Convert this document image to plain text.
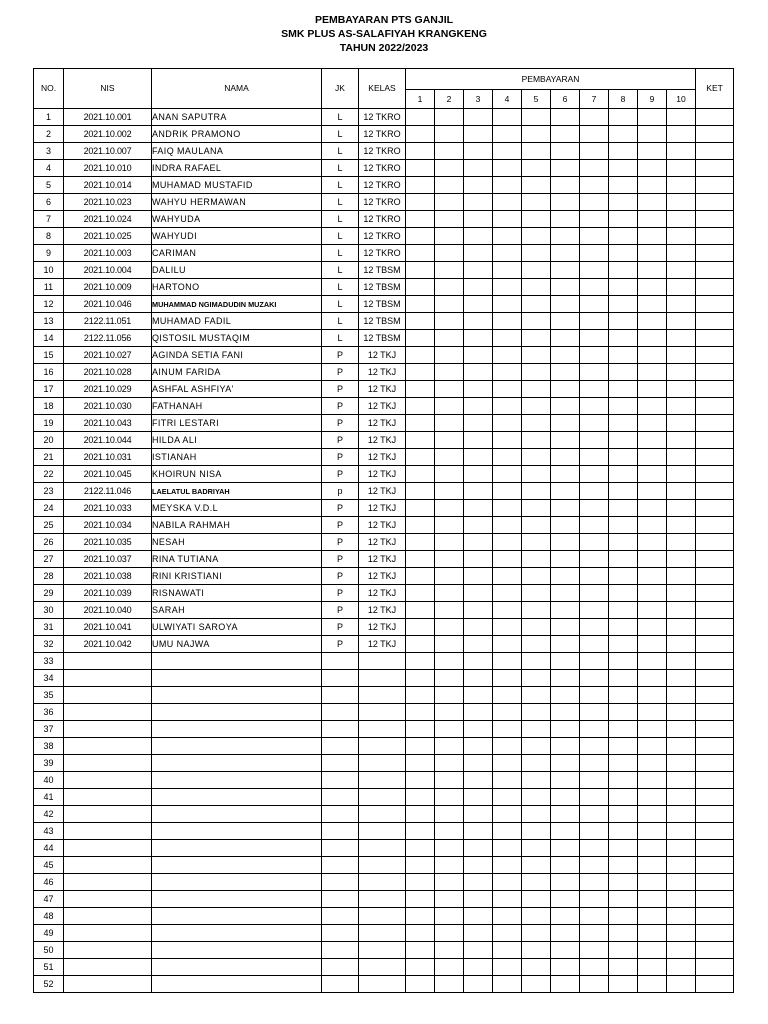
PEMBAYARAN PTS GANJIL
SMK PLUS AS-SALAFIYAH KRANGKENG
TAHUN 2022/2023
NO.	NIS	NAMA	JK	KELAS	PEMBAYARAN										KET
					1	2	3	4	5	6	7	8	9	10	
1	2021.10.001	ANAN SAPUTRA	L	12 TKRO											
2	2021.10.002	ANDRIK PRAMONO	L	12 TKRO											
3	2021.10.007	FAIQ MAULANA	L	12 TKRO											
4	2021.10.010	INDRA RAFAEL	L	12 TKRO											
5	2021.10.014	MUHAMAD MUSTAFID	L	12 TKRO											
6	2021.10.023	WAHYU HERMAWAN	L	12 TKRO											
7	2021.10.024	WAHYUDA	L	12 TKRO											
8	2021.10.025	WAHYUDI	L	12 TKRO											
9	2021.10.003	CARIMAN	L	12 TKRO											
10	2021.10.004	DALILU	L	12 TBSM											
11	2021.10.009	HARTONO	L	12 TBSM											
12	2021.10.046	MUHAMMAD NGIMADUDIN MUZAKI	L	12 TBSM											
13	2122.11.051	MUHAMAD FADIL	L	12 TBSM											
14	2122.11.056	QISTOSIL MUSTAQIM	L	12 TBSM											
15	2021.10.027	AGINDA SETIA FANI	P	12 TKJ											
16	2021.10.028	AINUM FARIDA	P	12 TKJ											
17	2021.10.029	ASHFAL ASHFIYA'	P	12 TKJ											
18	2021.10.030	FATHANAH	P	12 TKJ											
19	2021.10.043	FITRI LESTARI	P	12 TKJ											
20	2021.10.044	HILDA ALI	P	12 TKJ											
21	2021.10.031	ISTIANAH	P	12 TKJ											
22	2021.10.045	KHOIRUN NISA	P	12 TKJ											
23	2122.11.046	LAELATUL BADRIYAH	p	12 TKJ											
24	2021.10.033	MEYSKA V.D.L	P	12 TKJ											
25	2021.10.034	NABILA RAHMAH	P	12 TKJ											
26	2021.10.035	NESAH	P	12 TKJ											
27	2021.10.037	RINA TUTIANA	P	12 TKJ											
28	2021.10.038	RINI KRISTIANI	P	12 TKJ											
29	2021.10.039	RISNAWATI	P	12 TKJ											
30	2021.10.040	SARAH	P	12 TKJ											
31	2021.10.041	ULWIYATI SAROYA	P	12 TKJ											
32	2021.10.042	UMU NAJWA	P	12 TKJ											
33															
34															
35															
36															
37															
38															
39															
40															
41															
42															
43															
44															
45															
46															
47															
48															
49															
50															
51															
52															
